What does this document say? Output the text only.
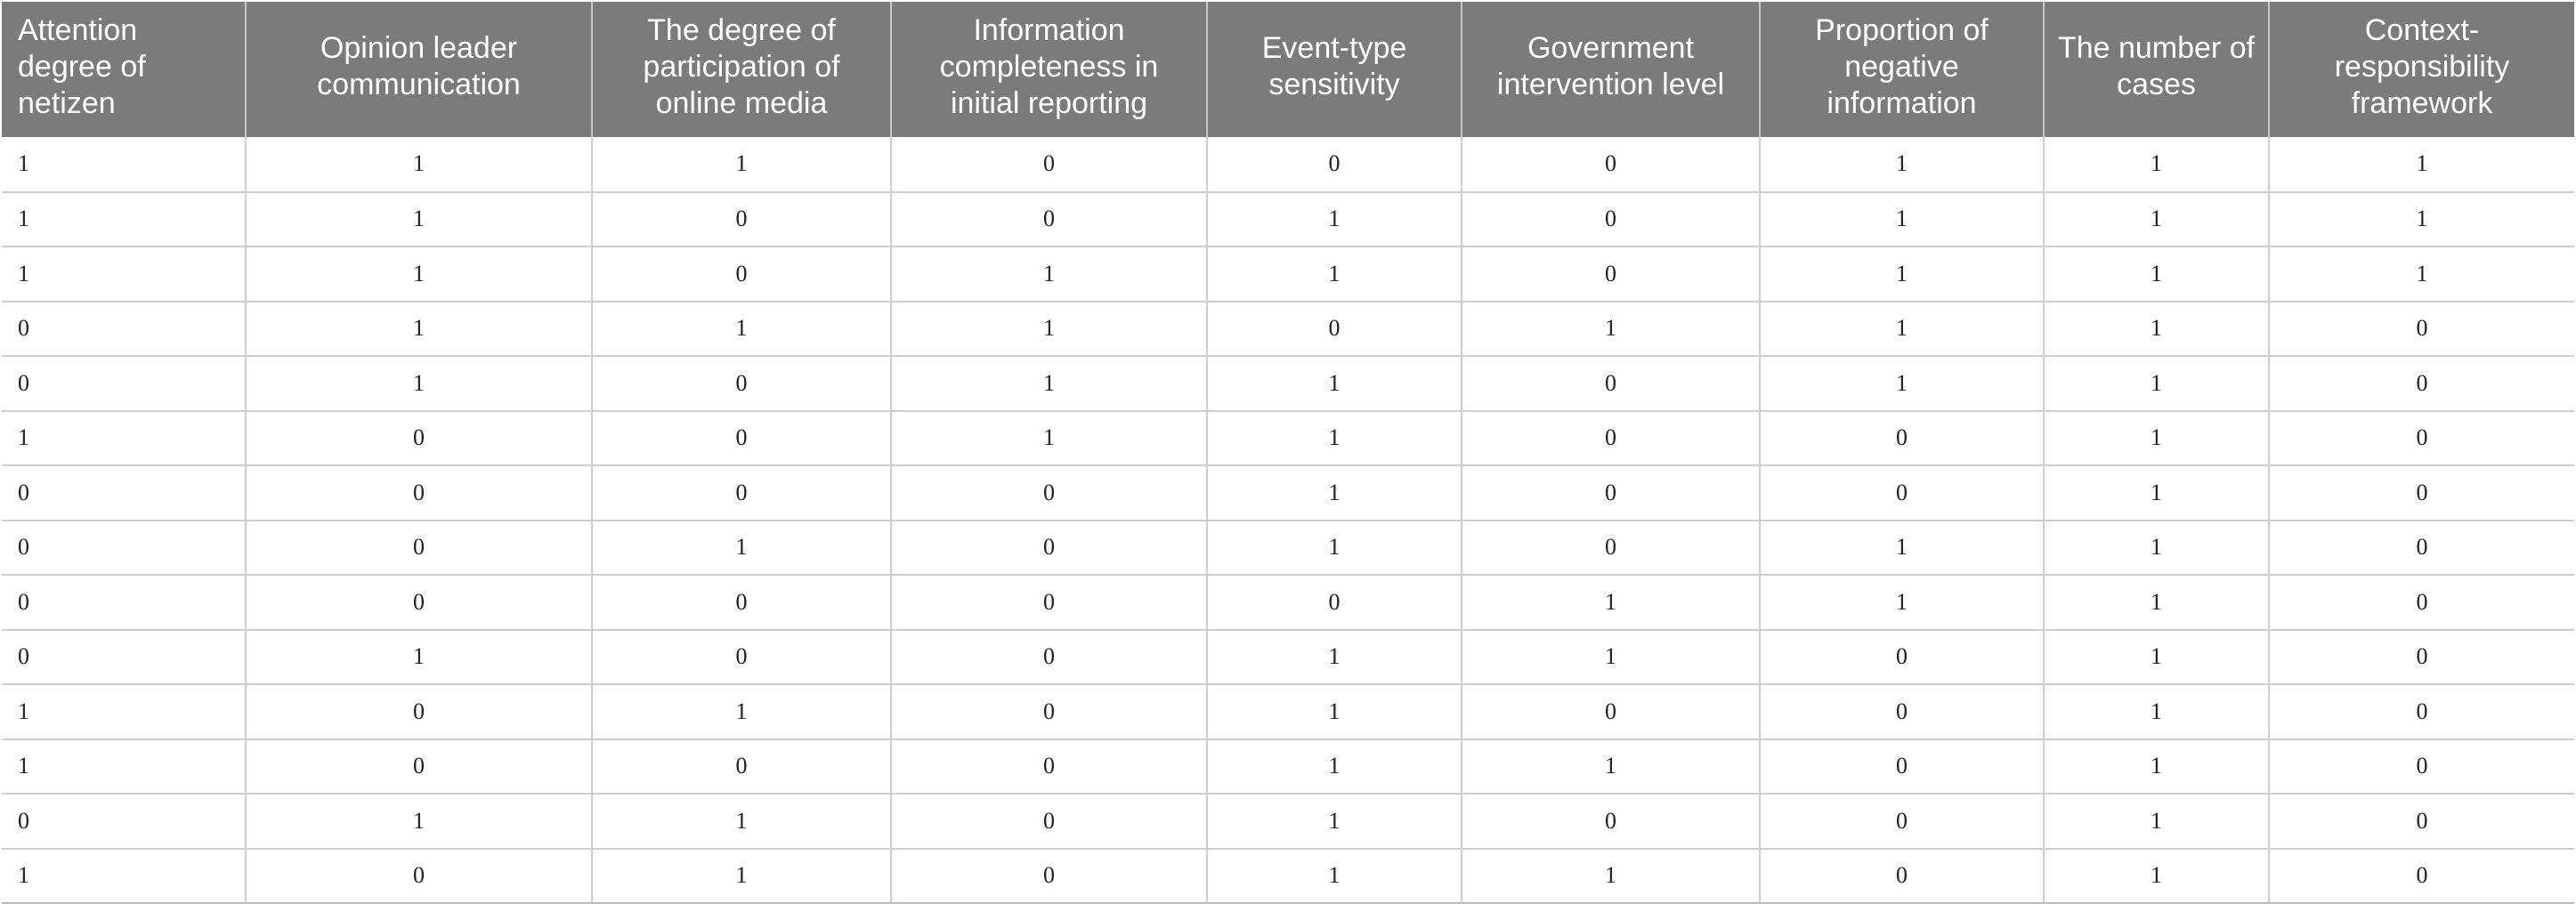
Attention degree of netizen	Opinion leader communication	The degree of participation of online media	Information completeness in initial reporting	Event-type sensitivity	Government intervention level	Proportion of negative information	The number of cases	Context-responsibility framework
1	1	1	0	0	0	1	1	1
1	1	0	0	1	0	1	1	1
1	1	0	1	1	0	1	1	1
0	1	1	1	0	1	1	1	0
0	1	0	1	1	0	1	1	0
1	0	0	1	1	0	0	1	0
0	0	0	0	1	0	0	1	0
0	0	1	0	1	0	1	1	0
0	0	0	0	0	1	1	1	0
0	1	0	0	1	1	0	1	0
1	0	1	0	1	0	0	1	0
1	0	0	0	1	1	0	1	0
0	1	1	0	1	0	0	1	0
1	0	1	0	1	1	0	1	0
